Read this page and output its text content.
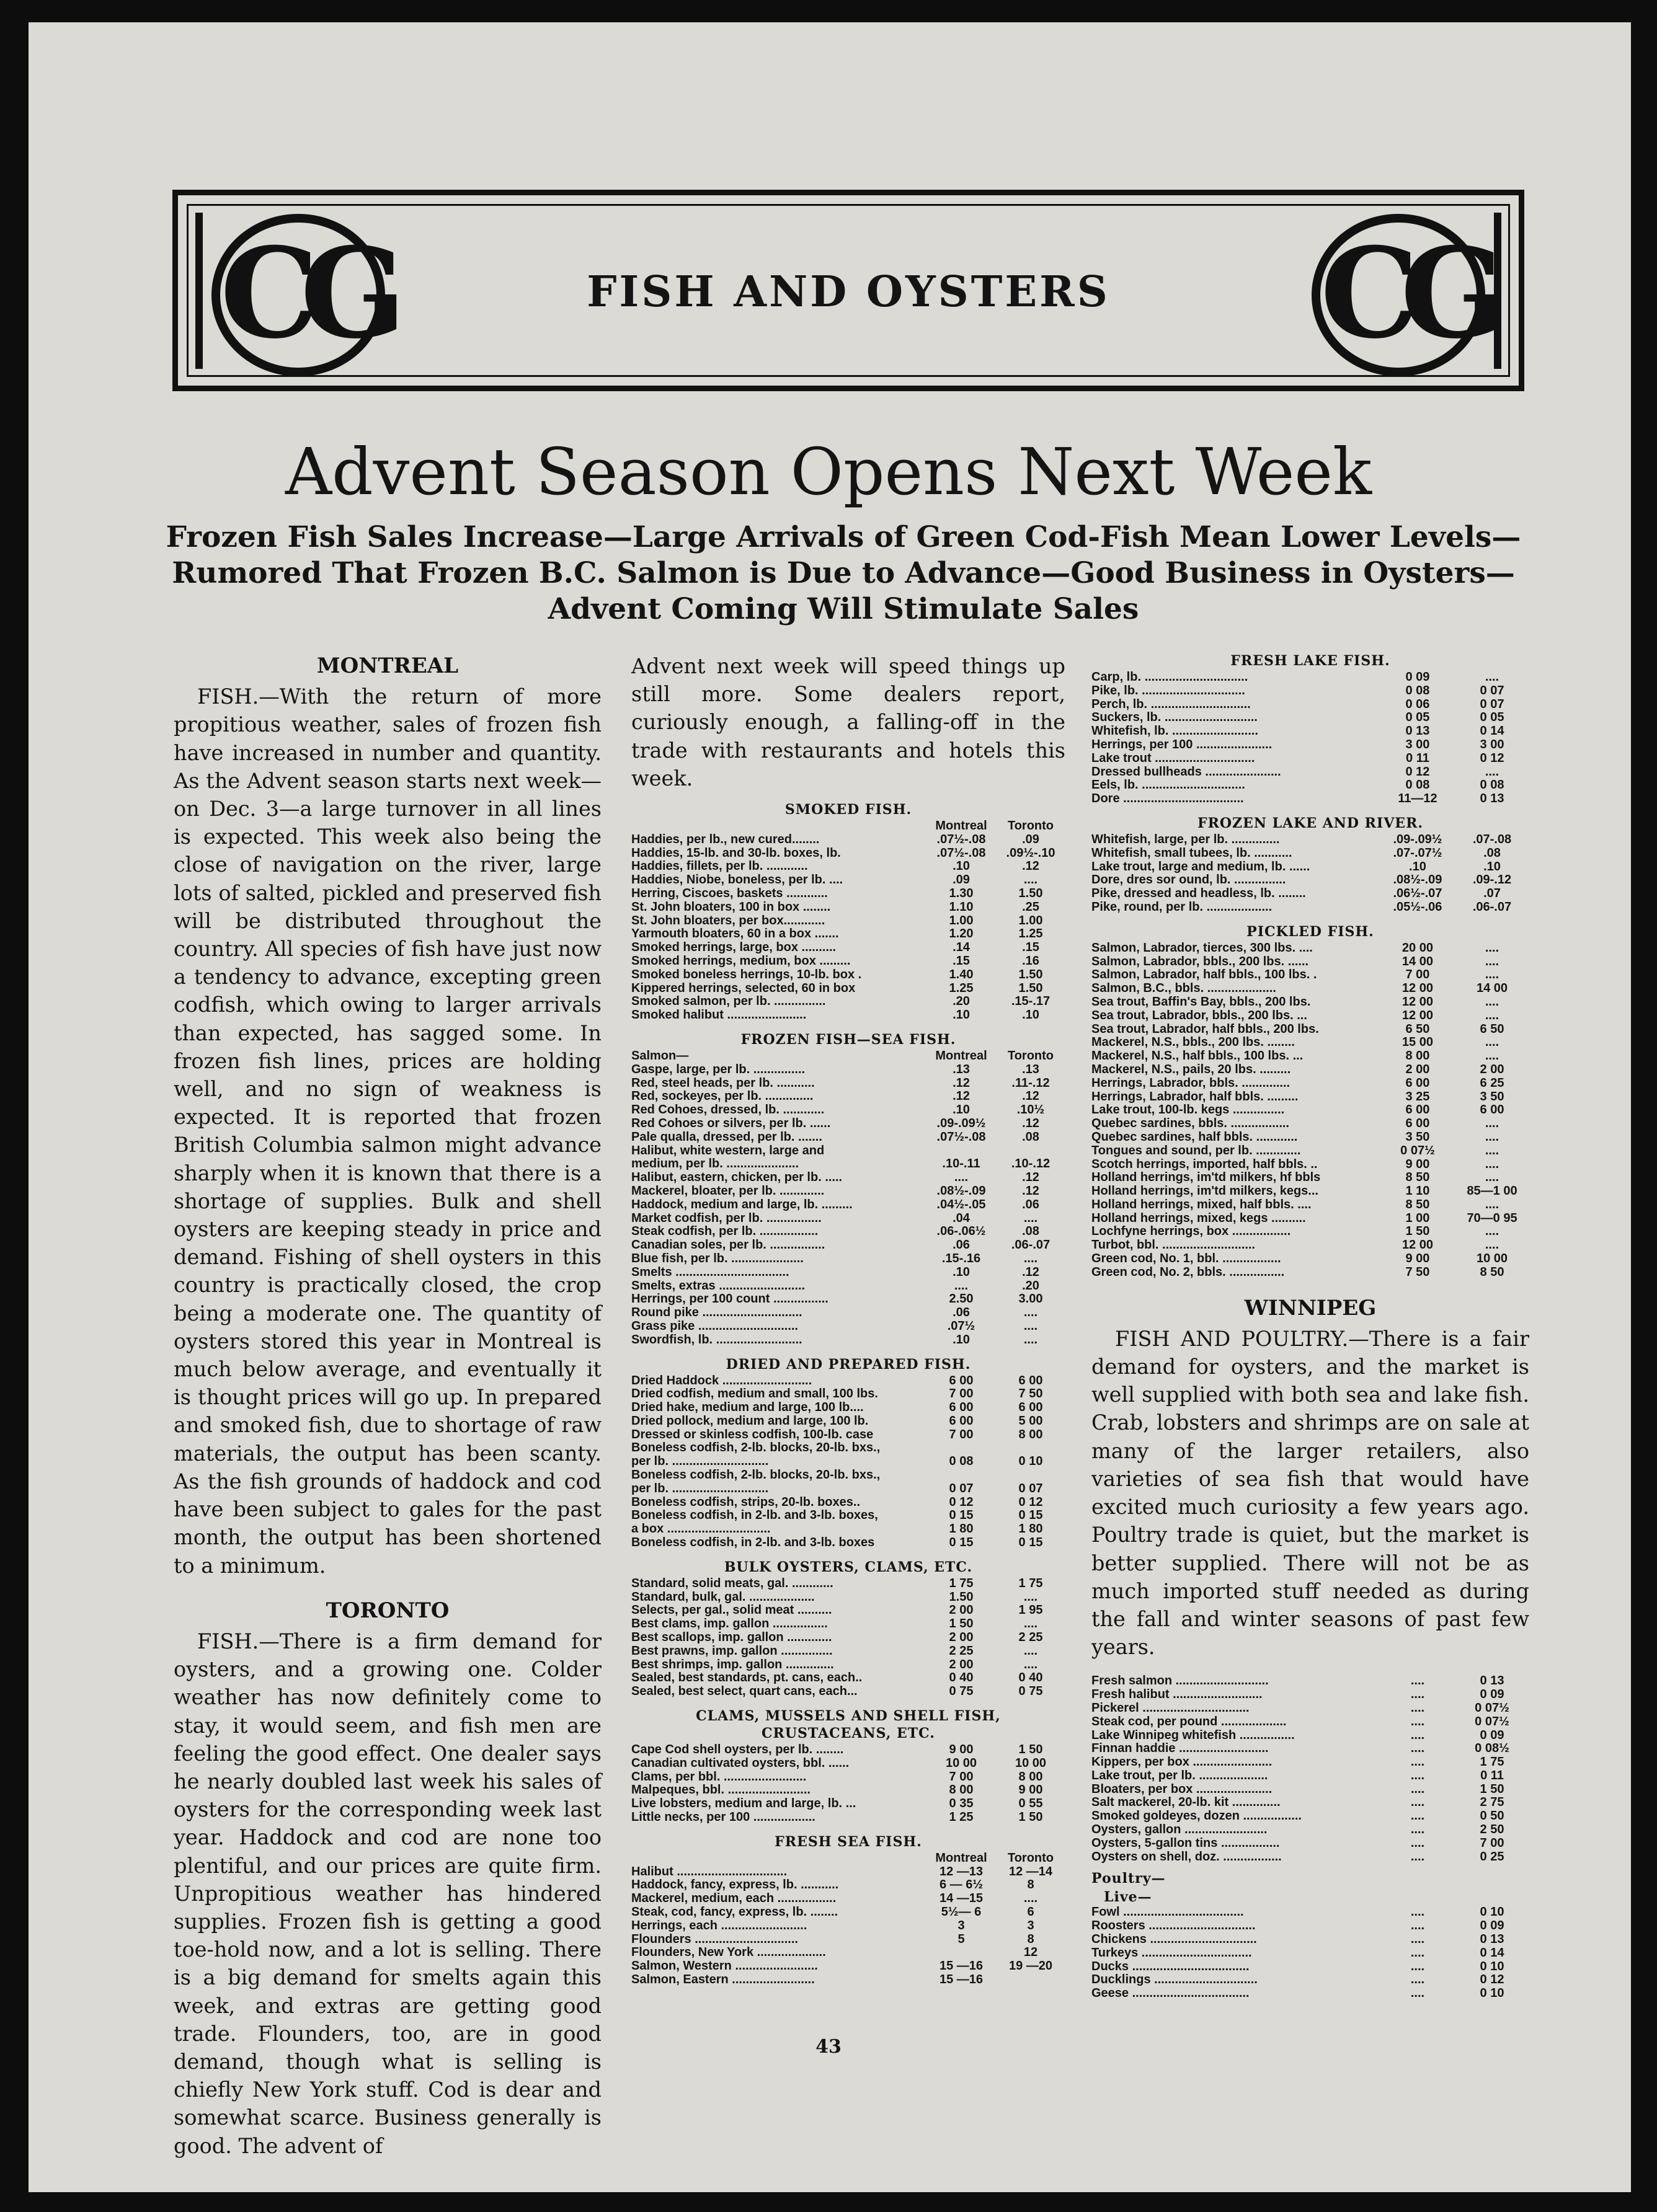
CG	CG
FISH AND OYSTERS
Advent Season Opens Next Week
Frozen Fish Sales Increase—Large Arrivals of Green Cod-Fish Mean Lower Levels—Rumored That Frozen B.C. Salmon is Due to Advance—Good Business in Oysters—Advent Coming Will Stimulate Sales
MONTREAL

FISH.—With the return of more propitious weather, sales of frozen fish have increased in number and quantity. As the Advent season starts next week—on Dec. 3—a large turnover in all lines is expected. This week also being the close of navigation on the river, large lots of salted, pickled and preserved fish will be distributed throughout the country. All species of fish have just now a tendency to advance, excepting green codfish, which owing to larger arrivals than expected, has sagged some. In frozen fish lines, prices are holding well, and no sign of weakness is expected. It is reported that frozen British Columbia salmon might advance sharply when it is known that there is a shortage of supplies. Bulk and shell oysters are keeping steady in price and demand. Fishing of shell oysters in this country is practically closed, the crop being a moderate one. The quantity of oysters stored this year in Montreal is much below average, and eventually it is thought prices will go up. In prepared and smoked fish, due to shortage of raw materials, the output has been scanty. As the fish grounds of haddock and cod have been subject to gales for the past month, the output has been shortened to a minimum.

TORONTO

FISH.—There is a firm demand for oysters, and a growing one. Colder weather has now definitely come to stay, it would seem, and fish men are feeling the good effect. One dealer says he nearly doubled last week his sales of oysters for the corresponding week last year. Haddock and cod are none too plentiful, and our prices are quite firm. Unpropitious weather has hindered supplies. Frozen fish is getting a good toe-hold now, and a lot is selling. There is a big demand for smelts again this week, and extras are getting good trade. Flounders, too, are in good demand, though what is selling is chiefly New York stuff. Cod is dear and somewhat scarce. Business generally is good. The advent of

Advent next week will speed things up still more. Some dealers report, curiously enough, a falling-off in the trade with restaurants and hotels this week.

SMOKED FISH.
	Montreal	Toronto
Haddies, per lb., new cured........	.07½-.08	.09
Haddies, 15-lb. and 30-lb. boxes, lb.	.07½-.08	.09½-.10
Haddies, fillets, per lb. ............	.10	.12
Haddies, Niobe, boneless, per lb. ....	.09	....
Herring, Ciscoes, baskets ............	1.30	1.50
St. John bloaters, 100 in box ........	1.10	.25
St. John bloaters, per box............	1.00	1.00
Yarmouth bloaters, 60 in a box .......	1.20	1.25
Smoked herrings, large, box ..........	.14	.15
Smoked herrings, medium, box .........	.15	.16
Smoked boneless herrings, 10-lb. box .	1.40	1.50
Kippered herrings, selected, 60 in box	1.25	1.50
Smoked salmon, per lb. ...............	.20	.15-.17
Smoked halibut .......................	.10	.10
FROZEN FISH—SEA FISH.
Salmon—	Montreal	Toronto
Gaspe, large, per lb. ...............	.13	.13
Red, steel heads, per lb. ...........	.12	.11-.12
Red, sockeyes, per lb. ..............	.12	.12
Red Cohoes, dressed, lb. ............	.10	.10½
Red Cohoes or silvers, per lb. ......	.09-.09½	.12
Pale qualla, dressed, per lb. .......	.07½-.08	.08
Halibut, white western, large and		
medium, per lb. .....................	.10-.11	.10-.12
Halibut, eastern, chicken, per lb. .....	....	.12
Mackerel, bloater, per lb. .............	.08½-.09	.12
Haddock, medium and large, lb. .........	.04½-.05	.06
Market codfish, per lb. ................	.04	....
Steak codfish, per lb. .................	.06-.06½	.08
Canadian soles, per lb. ................	.06	.06-.07
Blue fish, per lb. .....................	.15-.16	....
Smelts .................................	.10	.12
Smelts, extras .........................	....	.20
Herrings, per 100 count ................	2.50	3.00
Round pike .............................	.06	....
Grass pike .............................	.07½	....
Swordfish, lb. .........................	.10	....
DRIED AND PREPARED FISH.
Dried Haddock ..........................	6 00	6 00
Dried codfish, medium and small, 100 lbs.	7 00	7 50
Dried hake, medium and large, 100 lb....	6 00	6 00
Dried pollock, medium and large, 100 lb.	6 00	5 00
Dressed or skinless codfish, 100-lb. case	7 00	8 00
Boneless codfish, 2-lb. blocks, 20-lb. bxs.,		
per lb. ............................	0 08	0 10
Boneless codfish, 2-lb. blocks, 20-lb. bxs.,		
per lb. ............................	0 07	0 07
Boneless codfish, strips, 20-lb. boxes..	0 12	0 12
Boneless codfish, in 2-lb. and 3-lb. boxes,	0 15	0 15
a box ..............................	1 80	1 80
Boneless codfish, in 2-lb. and 3-lb. boxes	0 15	0 15
BULK OYSTERS, CLAMS, ETC.
Standard, solid meats, gal. ............	1 75	1 75
Standard, bulk, gal. ...................	1.50	....
Selects, per gal., solid meat ..........	2 00	1 95
Best clams, imp. gallon ................	1 50	....
Best scallops, imp. gallon .............	2 00	2 25
Best prawns, imp. gallon ...............	2 25	....
Best shrimps, imp. gallon ..............	2 00	....
Sealed, best standards, pt. cans, each..	0 40	0 40
Sealed, best select, quart cans, each...	0 75	0 75
CLAMS, MUSSELS AND SHELL FISH, CRUSTACEANS, ETC.
Cape Cod shell oysters, per lb. ........	9 00	1 50
Canadian cultivated oysters, bbl. ......	10 00	10 00
Clams, per bbl. ........................	7 00	8 00
Malpeques, bbl. ........................	8 00	9 00
Live lobsters, medium and large, lb. ...	0 35	0 55
Little necks, per 100 ..................	1 25	1 50
FRESH SEA FISH.
	Montreal	Toronto
Halibut ................................	12 —13	12 —14
Haddock, fancy, express, lb. ...........	6 — 6½	8
Mackerel, medium, each .................	14 —15	....
Steak, cod, fancy, express, lb. ........	5½— 6	6
Herrings, each .........................	3	3
Flounders ..............................	5	8
Flounders, New York ....................		12
Salmon, Western ........................	15 —16	19 —20
Salmon, Eastern ........................	15 —16	
FRESH LAKE FISH.
Carp, lb. ..............................	0 09	....
Pike, lb. ..............................	0 08	0 07
Perch, lb. .............................	0 06	0 07
Suckers, lb. ...........................	0 05	0 05
Whitefish, lb. .........................	0 13	0 14
Herrings, per 100 ......................	3 00	3 00
Lake trout .............................	0 11	0 12
Dressed bullheads ......................	0 12	....
Eels, lb. ..............................	0 08	0 08
Dore ...................................	11—12	0 13
FROZEN LAKE AND RIVER.
Whitefish, large, per lb. ..............	.09-.09½	.07-.08
Whitefish, small tubees, lb. ...........	.07-.07½	.08
Lake trout, large and medium, lb. ......	.10	.10
Dore, dres sor ound, lb. ...............	.08½-.09	.09-.12
Pike, dressed and headless, lb. ........	.06½-.07	.07
Pike, round, per lb. ...................	.05½-.06	.06-.07
PICKLED FISH.
Salmon, Labrador, tierces, 300 lbs. ....	20 00	....
Salmon, Labrador, bbls., 200 lbs. ......	14 00	....
Salmon, Labrador, half bbls., 100 lbs. .	7 00	....
Salmon, B.C., bbls. ....................	12 00	14 00
Sea trout, Baffin's Bay, bbls., 200 lbs.	12 00	....
Sea trout, Labrador, bbls., 200 lbs. ...	12 00	....
Sea trout, Labrador, half bbls., 200 lbs.	6 50	6 50
Mackerel, N.S., bbls., 200 lbs. ........	15 00	....
Mackerel, N.S., half bbls., 100 lbs. ...	8 00	....
Mackerel, N.S., pails, 20 lbs. .........	2 00	2 00
Herrings, Labrador, bbls. ..............	6 00	6 25
Herrings, Labrador, half bbls. .........	3 25	3 50
Lake trout, 100-lb. kegs ...............	6 00	6 00
Quebec sardines, bbls. .................	6 00	....
Quebec sardines, half bbls. ............	3 50	....
Tongues and sound, per lb. .............	0 07½	....
Scotch herrings, imported, half bbls. ..	9 00	....
Holland herrings, im'td milkers, hf bbls	8 50	....
Holland herrings, im'td milkers, kegs...	1 10	85—1 00
Holland herrings, mixed, half bbls. ....	8 50	....
Holland herrings, mixed, kegs ..........	1 00	70—0 95
Lochfyne herrings, box .................	1 50	....
Turbot, bbl. ...........................	12 00	....
Green cod, No. 1, bbl. .................	9 00	10 00
Green cod, No. 2, bbls. ................	7 50	8 50
WINNIPEG

FISH AND POULTRY.—There is a fair demand for oysters, and the market is well supplied with both sea and lake fish. Crab, lobsters and shrimps are on sale at many of the larger retailers, also varieties of sea fish that would have excited much curiosity a few years ago. Poultry trade is quiet, but the market is better supplied. There will not be as much imported stuff needed as during the fall and winter seasons of past few years.

Fresh salmon ...........................	....	0 13
Fresh halibut ..........................	....	0 09
Pickerel ...............................	....	0 07½
Steak cod, per pound ...................	....	0 07½
Lake Winnipeg whitefish ................	....	0 09
Finnan haddie ..........................	....	0 08½
Kippers, per box .......................	....	1 75
Lake trout, per lb. ....................	....	0 11
Bloaters, per box ......................	....	1 50
Salt mackerel, 20-lb. kit ..............	....	2 75
Smoked goldeyes, dozen .................	....	0 50
Oysters, gallon ........................	....	2 50
Oysters, 5-gallon tins .................	....	7 00
Oysters on shell, doz. .................	....	0 25
Poultry—
Live—
Fowl ...................................	....	0 10
Roosters ...............................	....	0 09
Chickens ...............................	....	0 13
Turkeys ................................	....	0 14
Ducks ..................................	....	0 10
Ducklings ..............................	....	0 12
Geese ..................................	....	0 10
43
